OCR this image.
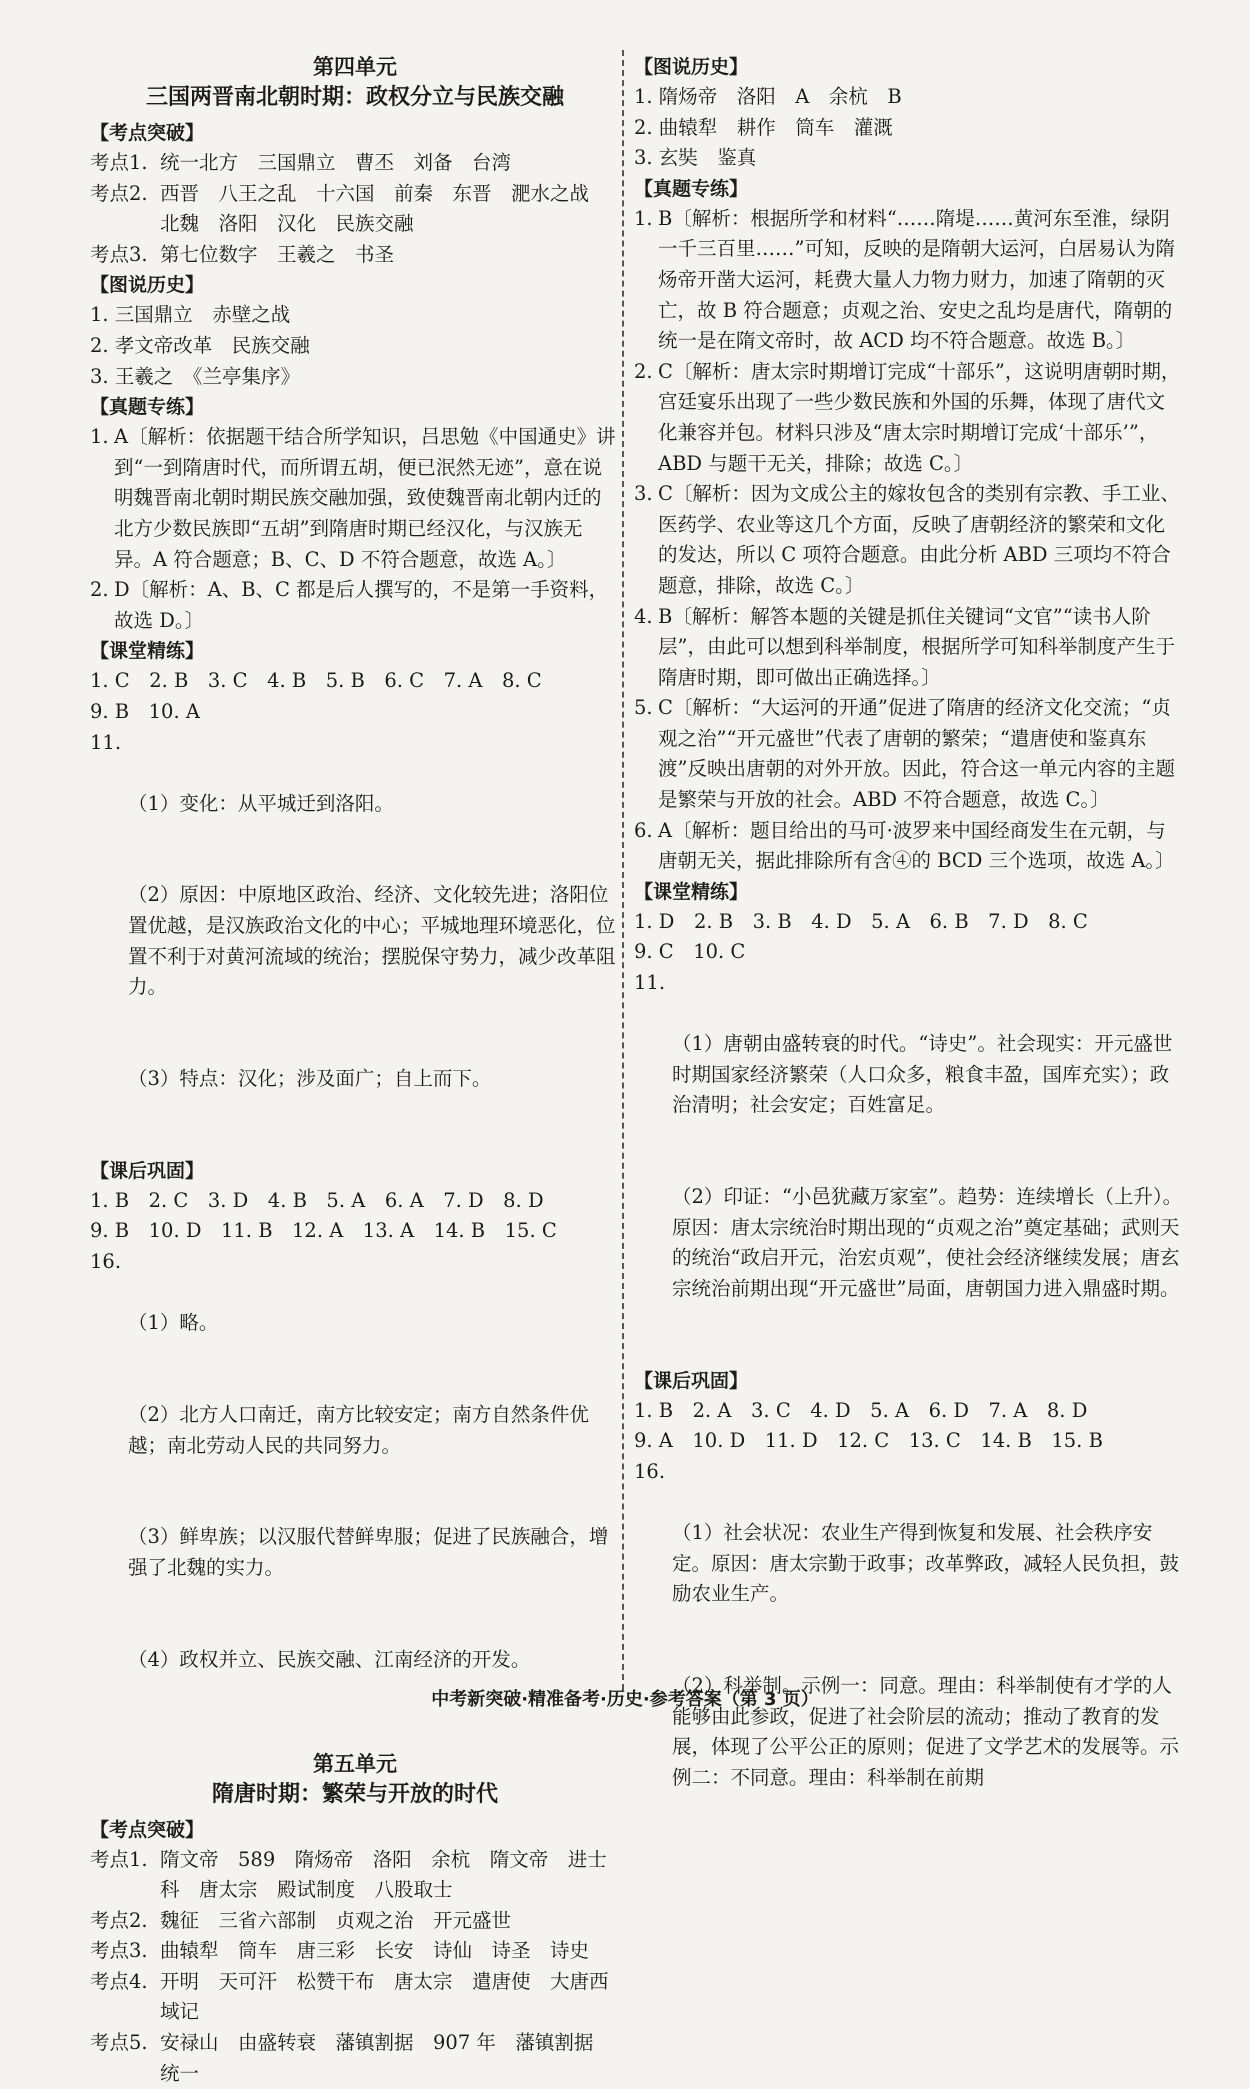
第四单元
三国两晋南北朝时期：政权分立与民族交融
【考点突破】
考点1. 统一北方　三国鼎立　曹丕　刘备　台湾
考点2. 西晋　八王之乱　十六国　前秦　东晋　淝水之战　北魏　洛阳　汉化　民族交融
考点3. 第七位数字　王羲之　书圣
【图说历史】
1. 三国鼎立　赤壁之战
2. 孝文帝改革　民族交融
3. 王羲之　《兰亭集序》
【真题专练】
1. A〔解析：依据题干结合所学知识，吕思勉《中国通史》讲到“一到隋唐时代，而所谓五胡，便已泯然无迹”，意在说明魏晋南北朝时期民族交融加强，致使魏晋南北朝内迁的北方少数民族即“五胡”到隋唐时期已经汉化，与汉族无异。A 符合题意；B、C、D 不符合题意，故选 A。〕
2. D〔解析：A、B、C 都是后人撰写的，不是第一手资料，故选 D。〕
【课堂精练】
1. C　2. B　3. C　4. B　5. B　6. C　7. A　8. C
9. B　10. A
11.

（1）变化：从平城迁到洛阳。

（2）原因：中原地区政治、经济、文化较先进；洛阳位置优越，是汉族政治文化的中心；平城地理环境恶化，位置不利于对黄河流域的统治；摆脱保守势力，减少改革阻力。

（3）特点：汉化；涉及面广；自上而下。

【课后巩固】
1. B　2. C　3. D　4. B　5. A　6. A　7. D　8. D
9. B　10. D　11. B　12. A　13. A　14. B　15. C
16.

（1）略。

（2）北方人口南迁，南方比较安定；南方自然条件优越；南北劳动人民的共同努力。

（3）鲜卑族；以汉服代替鲜卑服；促进了民族融合，增强了北魏的实力。

（4）政权并立、民族交融、江南经济的开发。

第五单元
隋唐时期：繁荣与开放的时代
【考点突破】
考点1. 隋文帝　589　隋炀帝　洛阳　余杭　隋文帝　进士科　唐太宗　殿试制度　八股取士
考点2. 魏征　三省六部制　贞观之治　开元盛世
考点3. 曲辕犁　筒车　唐三彩　长安　诗仙　诗圣　诗史
考点4. 开明　天可汗　松赞干布　唐太宗　遣唐使　大唐西域记
考点5. 安禄山　由盛转衰　藩镇割据　907 年　藩镇割据　统一
【图说历史】
1. 隋炀帝　洛阳　A　余杭　B
2. 曲辕犁　耕作　筒车　灌溉
3. 玄奘　鉴真
【真题专练】
1. B〔解析：根据所学和材料“……隋堤……黄河东至淮，绿阴一千三百里……”可知，反映的是隋朝大运河，白居易认为隋炀帝开凿大运河，耗费大量人力物力财力，加速了隋朝的灭亡，故 B 符合题意；贞观之治、安史之乱均是唐代，隋朝的统一是在隋文帝时，故 ACD 均不符合题意。故选 B。〕
2. C〔解析：唐太宗时期增订完成“十部乐”，这说明唐朝时期，宫廷宴乐出现了一些少数民族和外国的乐舞，体现了唐代文化兼容并包。材料只涉及“唐太宗时期增订完成‘十部乐’”，ABD 与题干无关，排除；故选 C。〕
3. C〔解析：因为文成公主的嫁妆包含的类别有宗教、手工业、医药学、农业等这几个方面，反映了唐朝经济的繁荣和文化的发达，所以 C 项符合题意。由此分析 ABD 三项均不符合题意，排除，故选 C。〕
4. B〔解析：解答本题的关键是抓住关键词“文官”“读书人阶层”，由此可以想到科举制度，根据所学可知科举制度产生于隋唐时期，即可做出正确选择。〕
5. C〔解析：“大运河的开通”促进了隋唐的经济文化交流；“贞观之治”“开元盛世”代表了唐朝的繁荣；“遣唐使和鉴真东渡”反映出唐朝的对外开放。因此，符合这一单元内容的主题是繁荣与开放的社会。ABD 不符合题意，故选 C。〕
6. A〔解析：题目给出的马可·波罗来中国经商发生在元朝，与唐朝无关，据此排除所有含④的 BCD 三个选项，故选 A。〕
【课堂精练】
1. D　2. B　3. B　4. D　5. A　6. B　7. D　8. C
9. C　10. C
11.

（1）唐朝由盛转衰的时代。“诗史”。社会现实：开元盛世时期国家经济繁荣（人口众多，粮食丰盈，国库充实）；政治清明；社会安定；百姓富足。

（2）印证：“小邑犹藏万家室”。趋势：连续增长（上升）。原因：唐太宗统治时期出现的“贞观之治”奠定基础；武则天的统治“政启开元，治宏贞观”，使社会经济继续发展；唐玄宗统治前期出现“开元盛世”局面，唐朝国力进入鼎盛时期。

【课后巩固】
1. B　2. A　3. C　4. D　5. A　6. D　7. A　8. D
9. A　10. D　11. D　12. C　13. C　14. B　15. B
16.

（1）社会状况：农业生产得到恢复和发展、社会秩序安定。原因：唐太宗勤于政事；改革弊政，减轻人民负担，鼓励农业生产。

（2）科举制。示例一：同意。理由：科举制使有才学的人能够由此参政，促进了社会阶层的流动；推动了教育的发展，体现了公平公正的原则；促进了文学艺术的发展等。示例二：不同意。理由：科举制在前期

中考新突破·精准备考·历史·参考答案（第 3 页）
